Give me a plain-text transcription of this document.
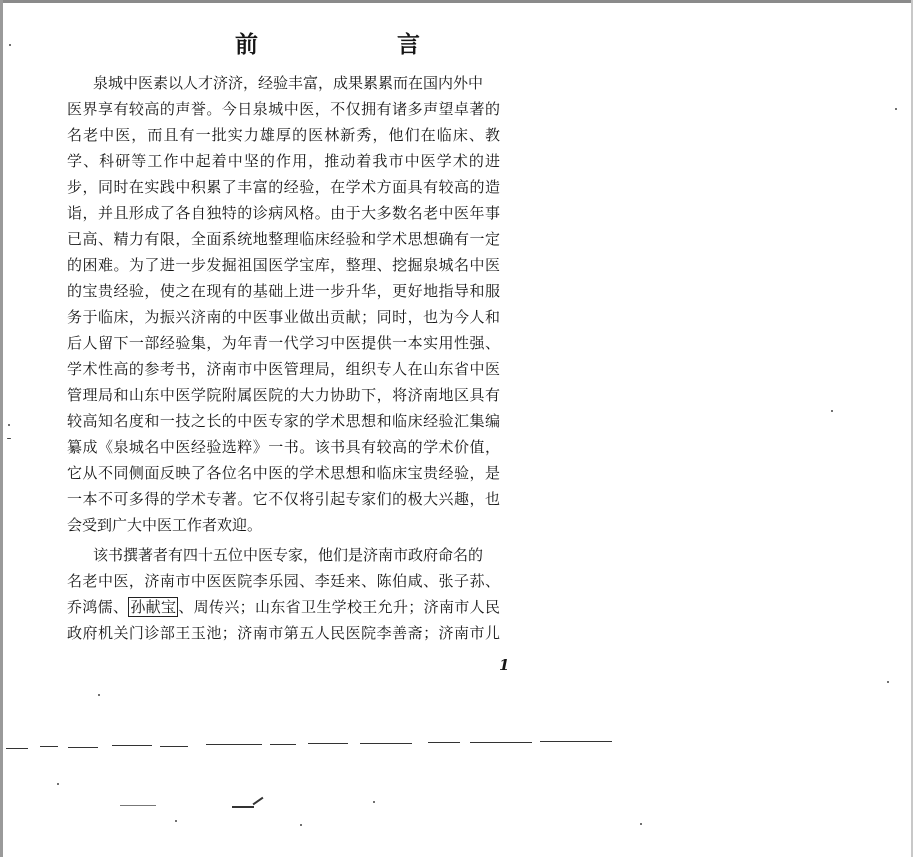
前　言
泉城中医素以人才济济，经验丰富，成果累累而在国内外中
医界享有较高的声誉。今日泉城中医，不仅拥有诸多声望卓著的
名老中医，而且有一批实力雄厚的医林新秀，他们在临床、教
学、科研等工作中起着中坚的作用，推动着我市中医学术的进
步，同时在实践中积累了丰富的经验，在学术方面具有较高的造
诣，并且形成了各自独特的诊病风格。由于大多数名老中医年事
已高、精力有限，全面系统地整理临床经验和学术思想确有一定
的困难。为了进一步发掘祖国医学宝库，整理、挖掘泉城名中医
的宝贵经验，使之在现有的基础上进一步升华，更好地指导和服
务于临床，为振兴济南的中医事业做出贡献；同时，也为今人和
后人留下一部经验集，为年青一代学习中医提供一本实用性强、
学术性高的参考书，济南市中医管理局，组织专人在山东省中医
管理局和山东中医学院附属医院的大力协助下，将济南地区具有
较高知名度和一技之长的中医专家的学术思想和临床经验汇集编
纂成《泉城名中医经验选粹》一书。该书具有较高的学术价值，
它从不同侧面反映了各位名中医的学术思想和临床宝贵经验，是
一本不可多得的学术专著。它不仅将引起专家们的极大兴趣，也
会受到广大中医工作者欢迎。
该书撰著者有四十五位中医专家，他们是济南市政府命名的
名老中医，济南市中医医院李乐园、李廷来、陈伯咸、张子荪、
乔鸿儒、 孙献宝 、周传兴；山东省卫生学校王允升；济南市人民
政府机关门诊部王玉池；济南市第五人民医院李善斋；济南市儿
1
